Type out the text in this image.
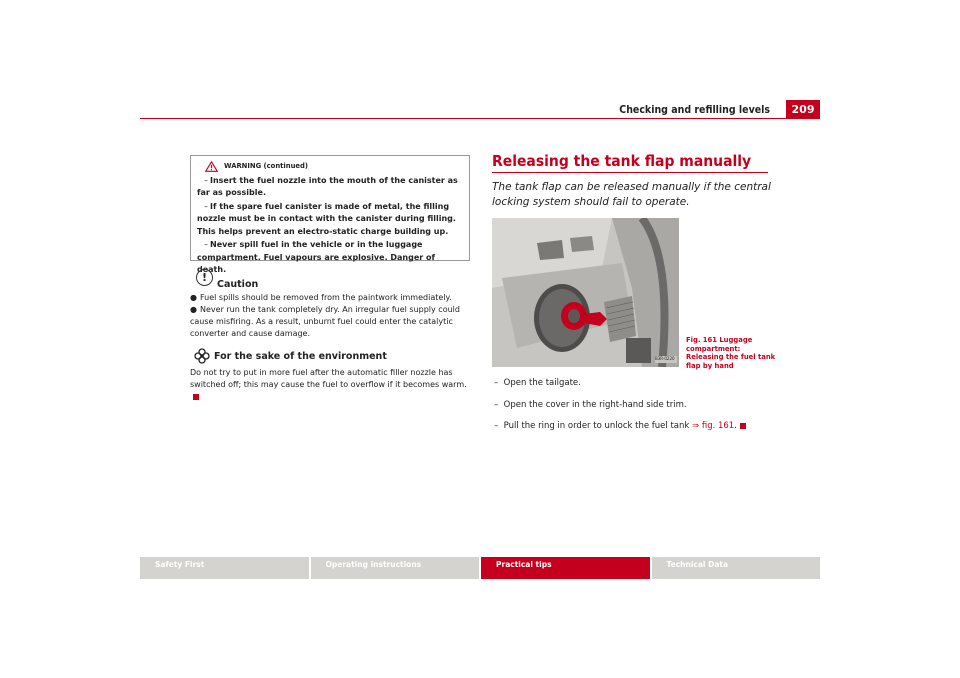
Checking and refilling levels	209
WARNING (continued)
– Insert the fuel nozzle into the mouth of the canister as far as possible.
– If the spare fuel canister is made of metal, the filling nozzle must be in contact with the canister during filling. This helps prevent an electro-static charge building up.
– Never spill fuel in the vehicle or in the luggage compartment. Fuel vapours are explosive. Danger of death.
!
Caution
● Fuel spills should be removed from the paintwork immediately.
● Never run the tank completely dry. An irregular fuel supply could cause misfiring. As a result, unburnt fuel could enter the catalytic converter and cause damage.
For the sake of the environment
Do not try to put in more fuel after the automatic filler nozzle has switched off; this may cause the fuel to overflow if it becomes warm.
Releasing the tank flap manually
The tank flap can be released manually if the central locking system should fail to operate.
B3R-0220
Fig. 161 Luggage compartment: Releasing the fuel tank flap by hand
–  Open the tailgate.
–  Open the cover in the right-hand side trim.
–  Pull the ring in order to unlock the fuel tank ⇒ fig. 161.
Safety First	Operating instructions	Practical tips	Technical Data
